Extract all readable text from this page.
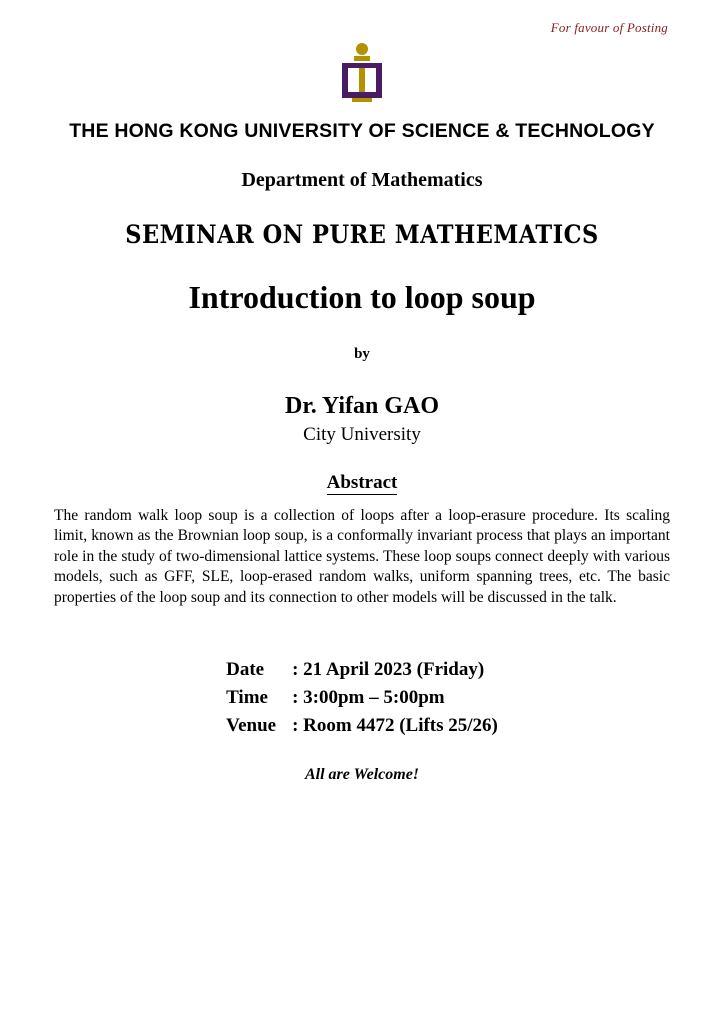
For favour of Posting
THE HONG KONG UNIVERSITY OF SCIENCE & TECHNOLOGY
Department of Mathematics
SEMINAR ON PURE MATHEMATICS
Introduction to loop soup
by
Dr. Yifan GAO
City University
Abstract
The random walk loop soup is a collection of loops after a loop-erasure procedure. Its scaling limit, known as the Brownian loop soup, is a conformally invariant process that plays an important role in the study of two-dimensional lattice systems. These loop soups connect deeply with various models, such as GFF, SLE, loop-erased random walks, uniform spanning trees, etc. The basic properties of the loop soup and its connection to other models will be discussed in the talk.
Date	: 21 April 2023 (Friday)
Time	: 3:00pm – 5:00pm
Venue	: Room 4472 (Lifts 25/26)
All are Welcome!
